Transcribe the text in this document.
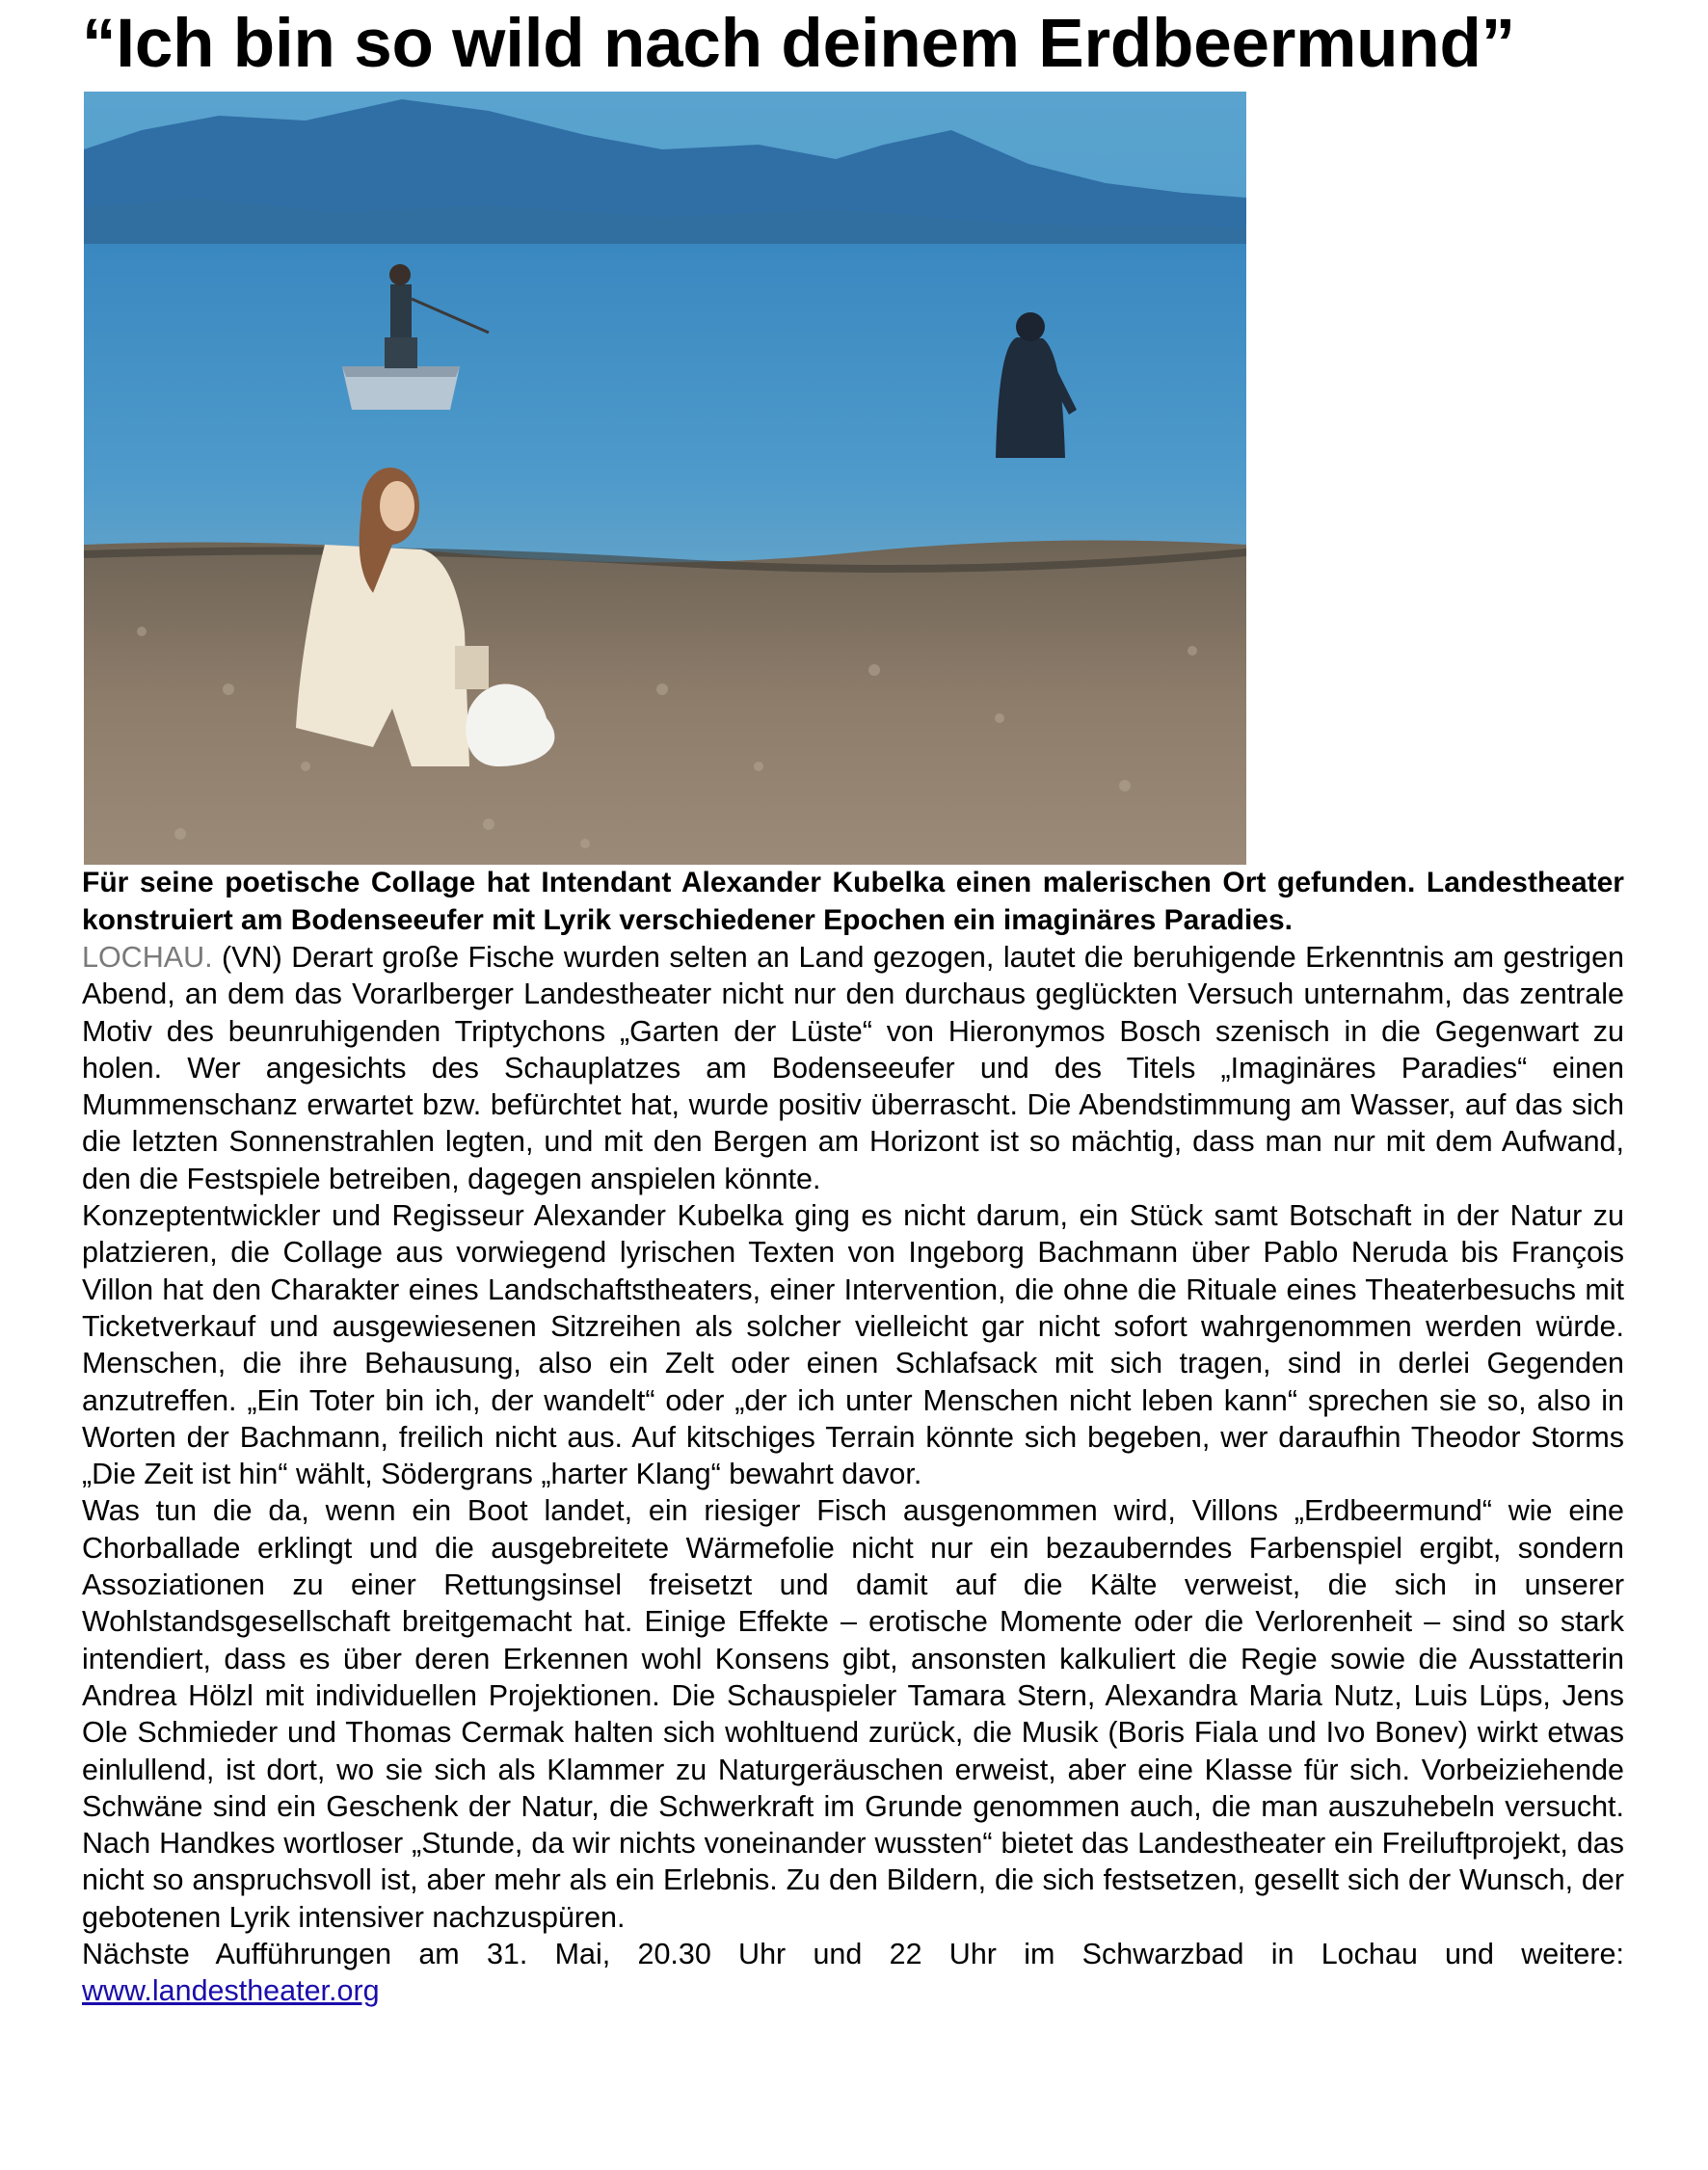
“Ich bin so wild nach deinem Erdbeermund”

Für seine poetische Collage hat Intendant Alexander Kubelka einen malerischen Ort gefunden. Landestheater konstruiert am Bodenseeufer mit Lyrik verschiedener Epochen ein imaginäres Paradies.

LOCHAU. (VN) Derart große Fische wurden selten an Land gezogen, lautet die beruhigende Erkenntnis am gestrigen Abend, an dem das Vorarlberger Landestheater nicht nur den durchaus geglückten Versuch unternahm, das zentrale Motiv des beunruhigenden Triptychons „Garten der Lüste“ von Hieronymos Bosch szenisch in die Gegenwart zu holen. Wer angesichts des Schauplatzes am Bodenseeufer und des Titels „Imaginäres Paradies“ einen Mummenschanz erwartet bzw. befürchtet hat, wurde positiv überrascht. Die Abendstimmung am Wasser, auf das sich die letzten Sonnenstrahlen legten, und mit den Bergen am Horizont ist so mächtig, dass man nur mit dem Aufwand, den die Festspiele betreiben, dagegen anspielen könnte.

Konzeptentwickler und Regisseur Alexander Kubelka ging es nicht darum, ein Stück samt Botschaft in der Natur zu platzieren, die Collage aus vorwiegend lyrischen Texten von Ingeborg Bachmann über Pablo Neruda bis François Villon hat den Charakter eines Landschaftstheaters, einer Intervention, die ohne die Rituale eines Theaterbesuchs mit Ticketverkauf und ausgewiesenen Sitzreihen als solcher vielleicht gar nicht sofort wahrgenommen werden würde. Menschen, die ihre Behausung, also ein Zelt oder einen Schlafsack mit sich tragen, sind in derlei Gegenden anzutreffen. „Ein Toter bin ich, der wandelt“ oder „der ich unter Menschen nicht leben kann“ sprechen sie so, also in Worten der Bachmann, freilich nicht aus. Auf kitschiges Terrain könnte sich begeben, wer daraufhin Theodor Storms „Die Zeit ist hin“ wählt, Södergrans „harter Klang“ bewahrt davor.

Was tun die da, wenn ein Boot landet, ein riesiger Fisch ausgenommen wird, Villons „Erdbeermund“ wie eine Chorballade erklingt und die ausgebreitete Wärmefolie nicht nur ein bezauberndes Farbenspiel ergibt, sondern Assoziationen zu einer Rettungsinsel freisetzt und damit auf die Kälte verweist, die sich in unserer Wohlstandsgesellschaft breitgemacht hat. Einige Effekte – erotische Momente oder die Verlorenheit – sind so stark intendiert, dass es über deren Erkennen wohl Konsens gibt, ansonsten kalkuliert die Regie sowie die Ausstatterin Andrea Hölzl mit individuellen Projektionen. Die Schauspieler Tamara Stern, Alexandra Maria Nutz, Luis Lüps, Jens Ole Schmieder und Thomas Cermak halten sich wohltuend zurück, die Musik (Boris Fiala und Ivo Bonev) wirkt etwas einlullend, ist dort, wo sie sich als Klammer zu Naturgeräuschen erweist, aber eine Klasse für sich. Vorbeiziehende Schwäne sind ein Geschenk der Natur, die Schwerkraft im Grunde genommen auch, die man auszuhebeln versucht. Nach Handkes wortloser „Stunde, da wir nichts voneinander wussten“ bietet das Landestheater ein Freiluftprojekt, das nicht so anspruchsvoll ist, aber mehr als ein Erlebnis. Zu den Bildern, die sich festsetzen, gesellt sich der Wunsch, der gebotenen Lyrik intensiver nachzuspüren.

Nächste Aufführungen am 31. Mai, 20.30 Uhr und 22 Uhr im Schwarzbad in Lochau und weitere: www.landestheater.org
